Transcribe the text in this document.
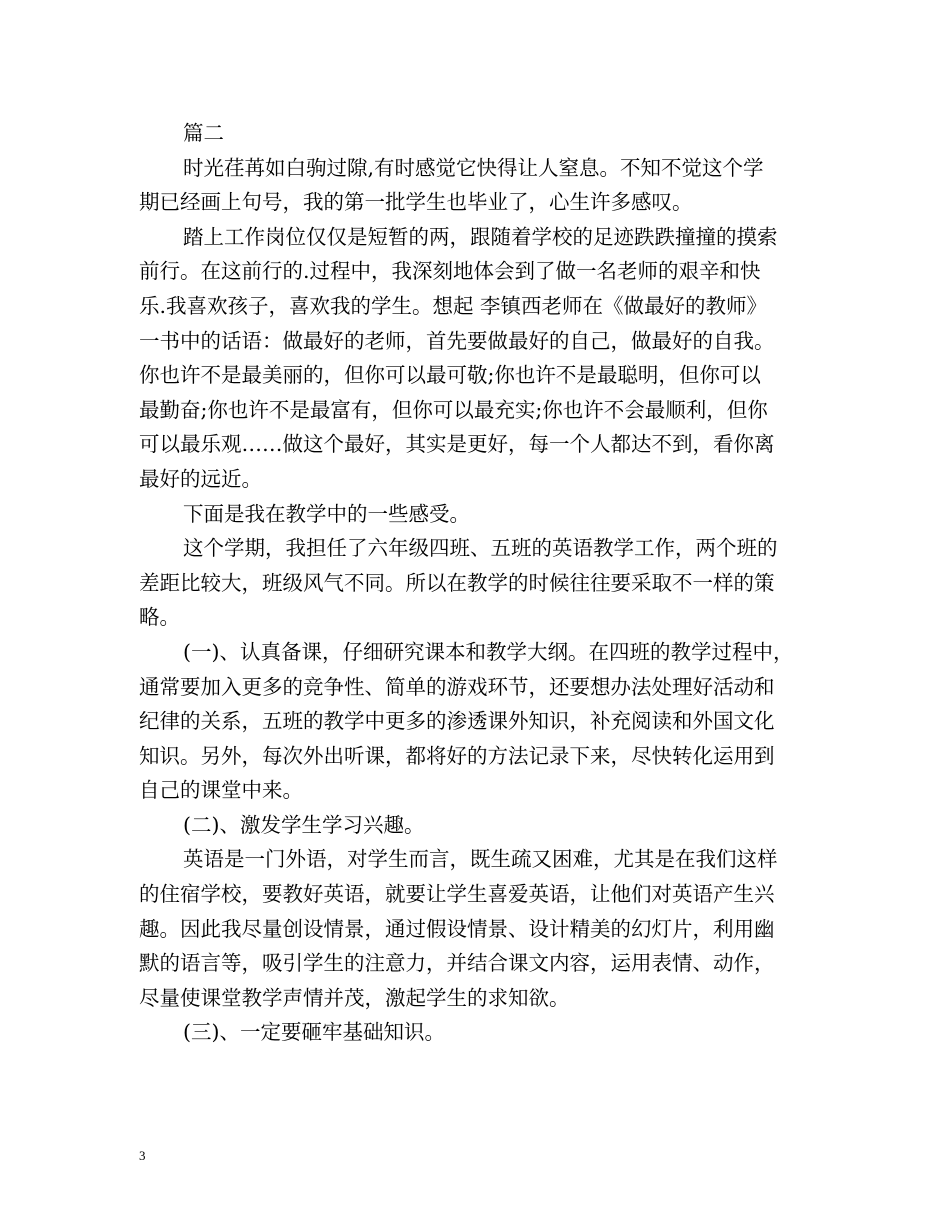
篇二
时光荏苒如白驹过隙,有时感觉它快得让人窒息。不知不觉这个学
期已经画上句号，我的第一批学生也毕业了，心生许多感叹。
踏上工作岗位仅仅是短暂的两，跟随着学校的足迹跌跌撞撞的摸索
前行。在这前行的.过程中，我深刻地体会到了做一名老师的艰辛和快
乐.我喜欢孩子，喜欢我的学生。想起 李镇西老师在《做最好的教师》
一书中的话语：做最好的老师，首先要做最好的自己，做最好的自我。
你也许不是最美丽的，但你可以最可敬;你也许不是最聪明，但你可以
最勤奋;你也许不是最富有，但你可以最充实;你也许不会最顺利，但你
可以最乐观……做这个最好，其实是更好，每一个人都达不到，看你离
最好的远近。
下面是我在教学中的一些感受。
这个学期，我担任了六年级四班、五班的英语教学工作，两个班的
差距比较大，班级风气不同。所以在教学的时候往往要采取不一样的策
略。
(一)、认真备课，仔细研究课本和教学大纲。在四班的教学过程中，
通常要加入更多的竞争性、简单的游戏环节，还要想办法处理好活动和
纪律的关系，五班的教学中更多的渗透课外知识，补充阅读和外国文化
知识。另外，每次外出听课，都将好的方法记录下来，尽快转化运用到
自己的课堂中来。
(二)、激发学生学习兴趣。
英语是一门外语，对学生而言，既生疏又困难，尤其是在我们这样
的住宿学校，要教好英语，就要让学生喜爱英语，让他们对英语产生兴
趣。因此我尽量创设情景，通过假设情景、设计精美的幻灯片，利用幽
默的语言等，吸引学生的注意力，并结合课文内容，运用表情、动作，
尽量使课堂教学声情并茂，激起学生的求知欲。
(三)、一定要砸牢基础知识。
3
